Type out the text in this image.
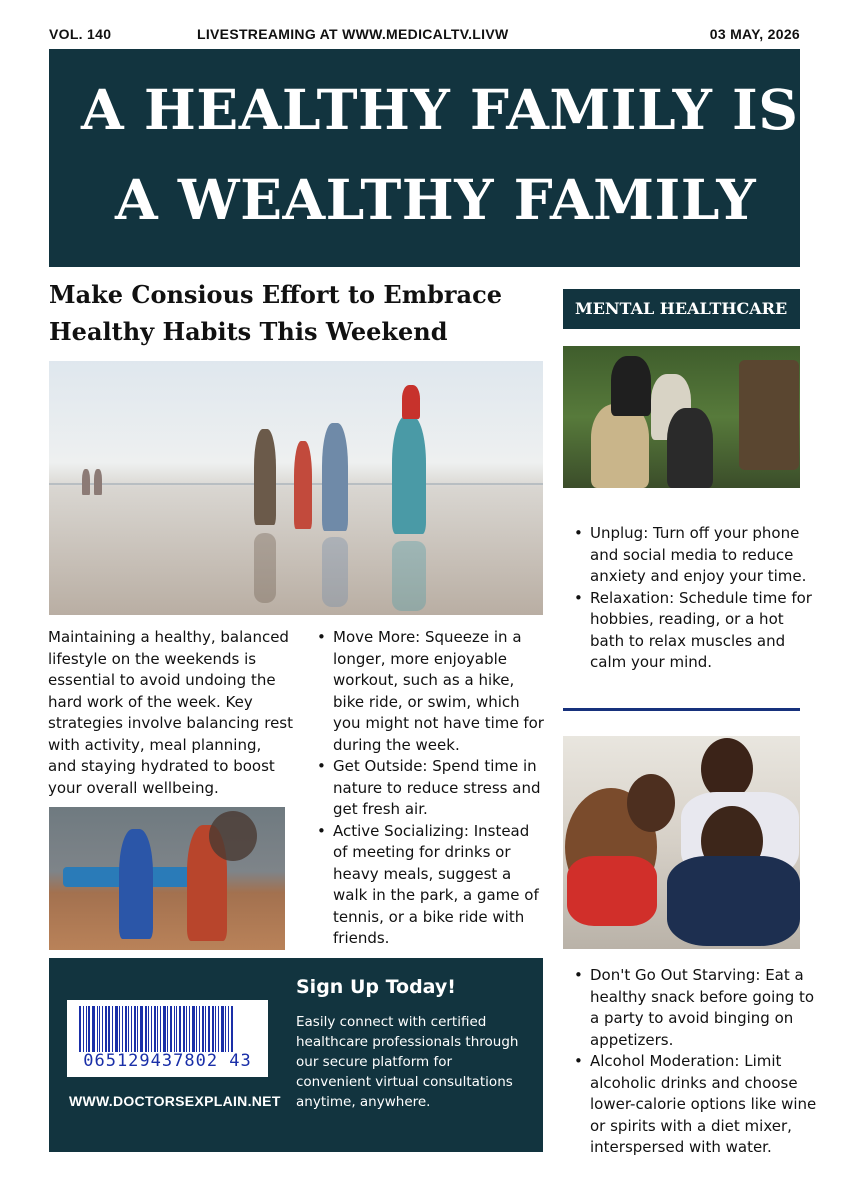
VOL. 140	LIVESTREAMING AT WWW.MEDICALTV.LIVW	03 MAY, 2026
A HEALTHY FAMILY IS
A WEALTHY FAMILY
Make Consious Effort to Embrace
Healthy Habits This Weekend
Maintaining a healthy, balanced lifestyle on the weekends is essential to avoid undoing the hard work of the week. Key strategies involve balancing rest with activity, meal planning, and staying hydrated to boost your overall wellbeing.
• Move More: Squeeze in a longer, more enjoyable workout, such as a hike, bike ride, or swim, which you might not have time for during the week.
• Get Outside: Spend time in nature to reduce stress and get fresh air.
• Active Socializing: Instead of meeting for drinks or heavy meals, suggest a walk in the park, a game of tennis, or a bike ride with friends.
MENTAL HEALTHCARE
• Unplug: Turn off your phone and social media to reduce anxiety and enjoy your time.
• Relaxation: Schedule time for hobbies, reading, or a hot bath to relax muscles and calm your mind.
• Don't Go Out Starving: Eat a healthy snack before going to a party to avoid binging on appetizers.
• Alcohol Moderation: Limit alcoholic drinks and choose lower-calorie options like wine or spirits with a diet mixer, interspersed with water.
065129437802 43
Sign Up Today!
Easily connect with certified healthcare professionals through our secure platform for convenient virtual consultations anytime, anywhere.
WWW.DOCTORSEXPLAIN.NET
